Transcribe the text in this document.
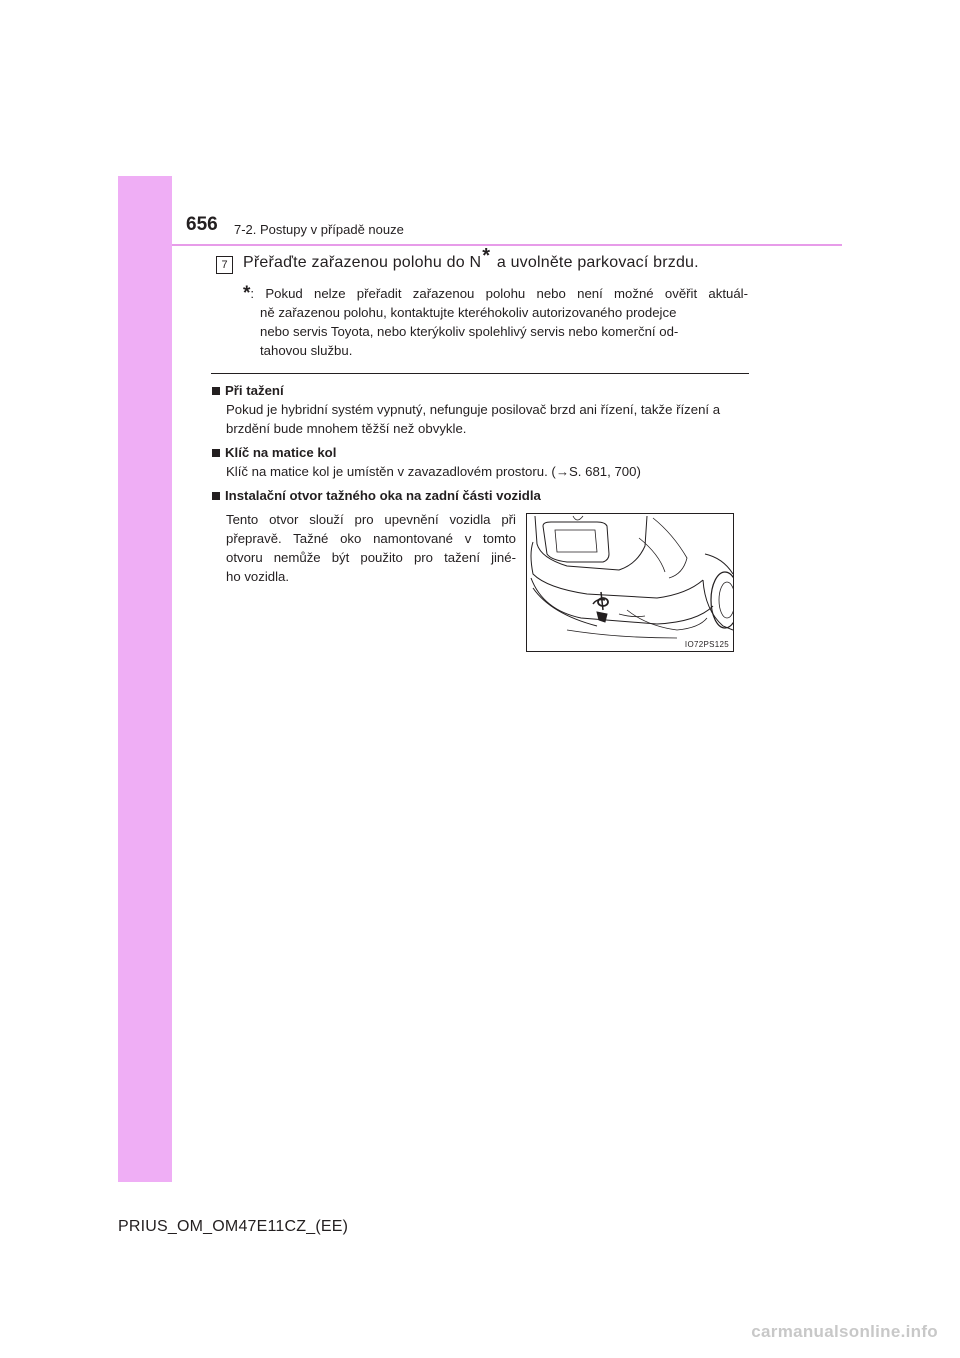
656 7-2. Postupy v případě nouze
7 Přeřaďte zařazenou polohu do N* a uvolněte parkovací brzdu.
*: Pokud nelze přeřadit zařazenou polohu nebo není možné ověřit aktuál-
ně zařazenou polohu, kontaktujte kteréhokoliv autorizovaného prodejce
nebo servis Toyota, nebo kterýkoliv spolehlivý servis nebo komerční od-
tahovou službu.
Při tažení
Pokud je hybridní systém vypnutý, nefunguje posilovač brzd ani řízení, takže řízení a brzdění bude mnohem těžší než obvykle.
Klíč na matice kol
Klíč na matice kol je umístěn v zavazadlovém prostoru. (→S. 681, 700)
Instalační otvor tažného oka na zadní části vozidla
Tento otvor slouží pro upevnění vozidla při
přepravě. Tažné oko namontované v tomto
otvoru nemůže být použito pro tažení jiné-
ho vozidla.
IO72PS125
PRIUS_OM_OM47E11CZ_(EE)
carmanualsonline.info
